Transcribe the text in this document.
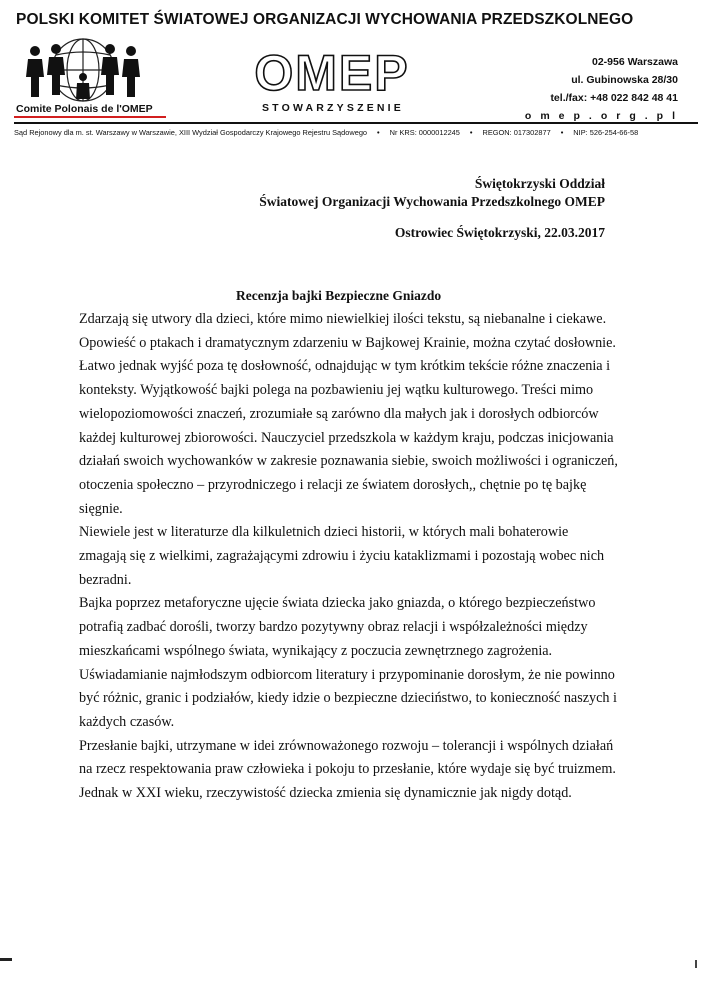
POLSKI KOMITET ŚWIATOWEJ ORGANIZACJI WYCHOWANIA PRZEDSZKOLNEGO
Comite Polonais de l'OMEP
OMEP
STOWARZYSZENIE
02-956 Warszawa
ul. Gubinowska 28/30
tel./fax: +48 022 842 48 41
omep.org.pl
Sąd Rejonowy dla m. st. Warszawy w Warszawie, XIII Wydział Gospodarczy Krajowego Rejestru Sądowego • Nr KRS: 0000012245 • REGON: 017302877 • NIP: 526-254-66-58
Świętokrzyski Oddział
Światowej Organizacji Wychowania Przedszkolnego OMEP
Ostrowiec Świętokrzyski, 22.03.2017
Recenzja bajki Bezpieczne Gniazdo

Zdarzają się utwory dla dzieci, które mimo niewielkiej ilości tekstu, są niebanalne i ciekawe. Opowieść o ptakach i dramatycznym zdarzeniu w Bajkowej Krainie, można czytać dosłownie.

Łatwo jednak wyjść poza tę dosłowność, odnajdując w tym krótkim tekście różne znaczenia i konteksty. Wyjątkowość bajki polega na pozbawieniu jej wątku kulturowego. Treści mimo wielopoziomowości znaczeń, zrozumiałe są zarówno dla małych jak i dorosłych odbiorców każdej kulturowej zbiorowości. Nauczyciel przedszkola w każdym kraju, podczas inicjowania działań swoich wychowanków w zakresie poznawania siebie, swoich możliwości i ograniczeń, otoczenia społeczno – przyrodniczego i relacji ze światem dorosłych,, chętnie po tę bajkę sięgnie.

Niewiele jest w literaturze dla kilkuletnich dzieci historii, w których mali bohaterowie zmagają się z wielkimi, zagrażającymi zdrowiu i życiu kataklizmami i pozostają wobec nich bezradni.

Bajka poprzez metaforyczne ujęcie świata dziecka jako gniazda, o którego bezpieczeństwo potrafią zadbać dorośli, tworzy bardzo pozytywny obraz relacji i współzależności między mieszkańcami wspólnego świata, wynikający z poczucia zewnętrznego zagrożenia.

Uświadamianie najmłodszym odbiorcom literatury i przypominanie dorosłym, że nie powinno być różnic, granic i podziałów, kiedy idzie o bezpieczne dzieciństwo, to konieczność naszych i każdych czasów.

Przesłanie bajki, utrzymane w idei zrównoważonego rozwoju – tolerancji i wspólnych działań na rzecz respektowania praw człowieka i pokoju to przesłanie, które wydaje się być truizmem. Jednak w XXI wieku, rzeczywistość dziecka zmienia się dynamicznie jak nigdy dotąd.
